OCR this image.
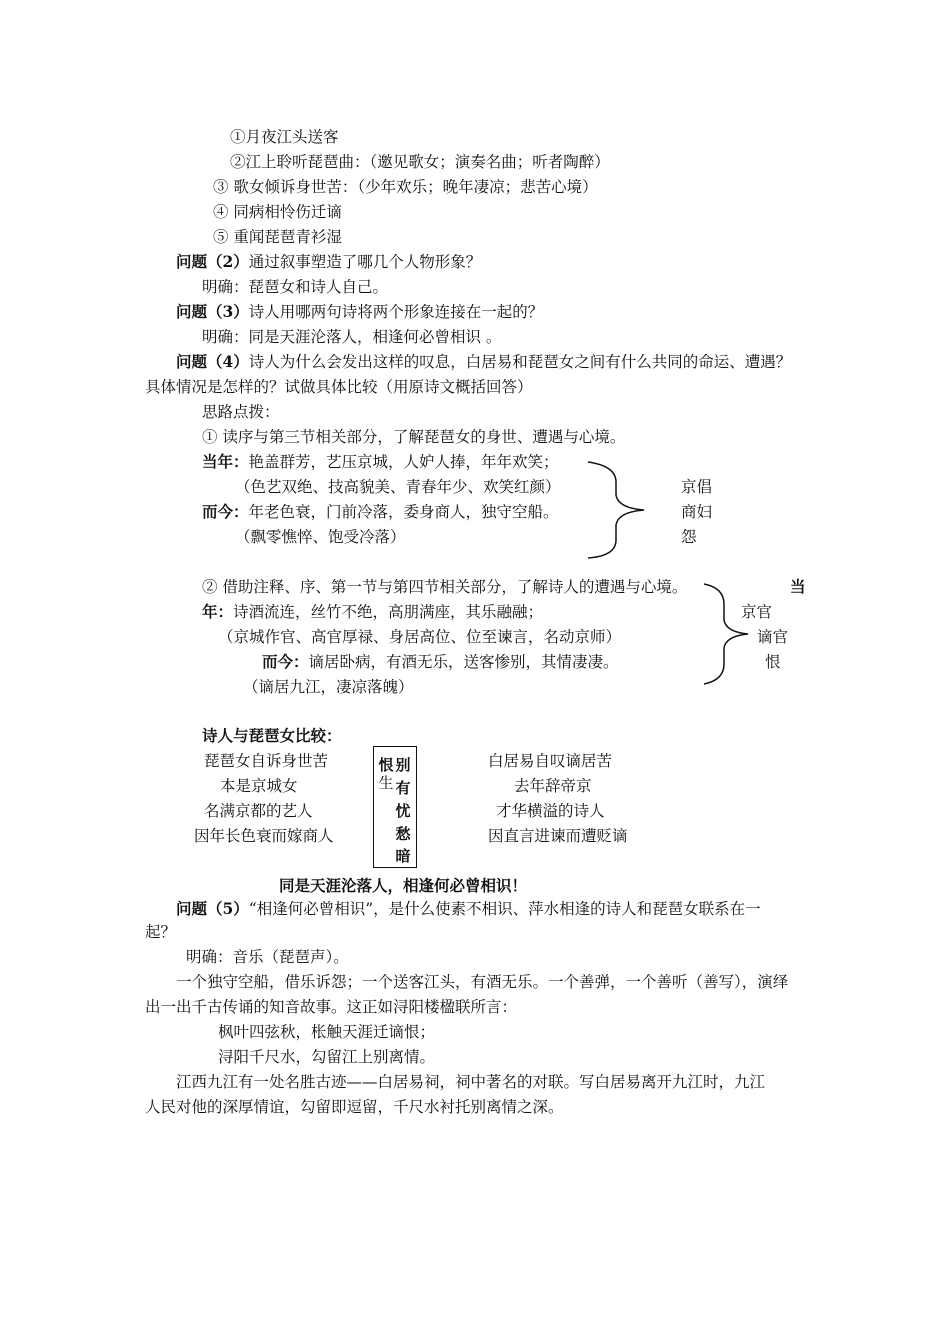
①月夜江头送客
②江上聆听琵琶曲：（邀见歌女；演奏名曲；听者陶醉）
③ 歌女倾诉身世苦：（少年欢乐；晚年凄凉；悲苦心境）
④ 同病相怜伤迁谪
⑤ 重闻琵琶青衫湿
问题（2）通过叙事塑造了哪几个人物形象？
明确：琵琶女和诗人自己。
问题（3）诗人用哪两句诗将两个形象连接在一起的？
明确：同是天涯沦落人，相逢何必曾相识 。
问题（4）诗人为什么会发出这样的叹息，白居易和琵琶女之间有什么共同的命运、遭遇？
具体情况是怎样的？试做具体比较（用原诗文概括回答）
思路点拨：
① 读序与第三节相关部分，了解琵琶女的身世、遭遇与心境。
当年：艳盖群芳，艺压京城，人妒人捧，年年欢笑；
（色艺双绝、技高貌美、青春年少、欢笑红颜）
而今：年老色衰，门前冷落，委身商人，独守空船。
（飘零憔悴、饱受冷落）
京倡
商妇
怨
② 借助注释、序、第一节与第四节相关部分，了解诗人的遭遇与心境。	当
年：诗酒流连，丝竹不绝，高朋满座，其乐融融；
（京城作官、高官厚禄、身居高位、位至谏言，名动京师）
而今：谪居卧病，有酒无乐，送客惨别，其情凄凄。
（谪居九江，凄凉落魄）
京官
谪官
恨
诗人与琵琶女比较：
琵琶女自诉身世苦
本是京城女
名满京都的艺人
因年长色衰而嫁商人
恨
生
别
有
忧
愁
暗
白居易自叹谪居苦
去年辞帝京
才华横溢的诗人
因直言进谏而遭贬谪
同是天涯沦落人，相逢何必曾相识！
问题（5）“相逢何必曾相识”，是什么使素不相识、萍水相逢的诗人和琵琶女联系在一
起？
明确：音乐（琵琶声）。
一个独守空船，借乐诉怨；一个送客江头，有酒无乐。一个善弹，一个善听（善写），演绎
出一出千古传诵的知音故事。这正如浔阳楼楹联所言：
枫叶四弦秋，枨触天涯迁谪恨；
浔阳千尺水，勾留江上别离情。
江西九江有一处名胜古迹——白居易祠，祠中著名的对联。写白居易离开九江时，九江
人民对他的深厚情谊，勾留即逗留，千尺水衬托别离情之深。
